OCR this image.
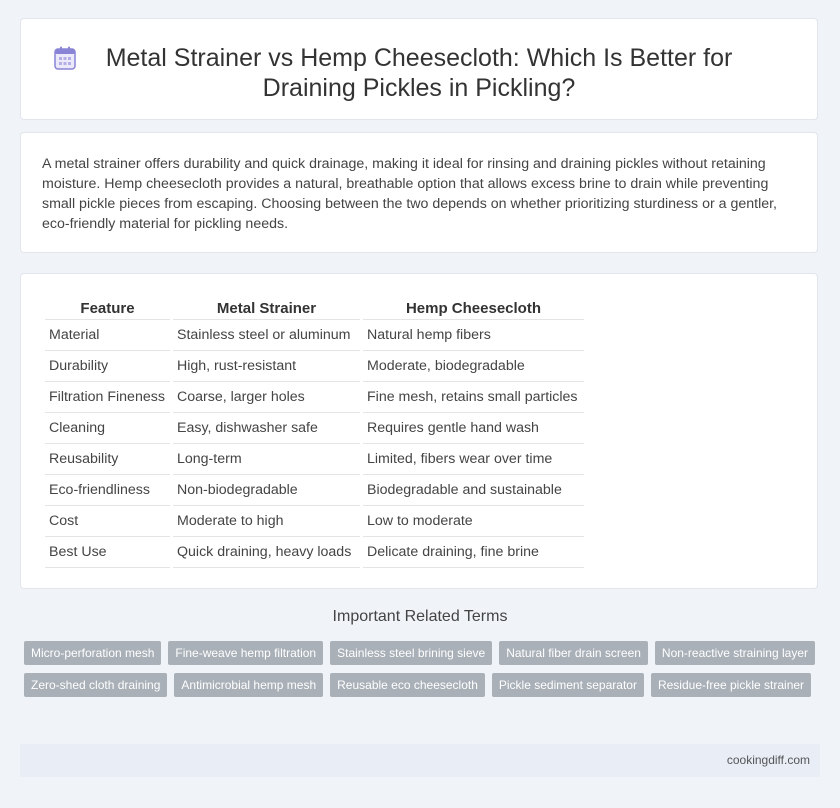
Metal Strainer vs Hemp Cheesecloth: Which Is Better for Draining Pickles in Pickling?

A metal strainer offers durability and quick drainage, making it ideal for rinsing and draining pickles without retaining moisture. Hemp cheesecloth provides a natural, breathable option that allows excess brine to drain while preventing small pickle pieces from escaping. Choosing between the two depends on whether prioritizing sturdiness or a gentler, eco-friendly material for pickling needs.

Feature	Metal Strainer	Hemp Cheesecloth
Material	Stainless steel or aluminum	Natural hemp fibers
Durability	High, rust-resistant	Moderate, biodegradable
Filtration Fineness	Coarse, larger holes	Fine mesh, retains small particles
Cleaning	Easy, dishwasher safe	Requires gentle hand wash
Reusability	Long-term	Limited, fibers wear over time
Eco-friendliness	Non-biodegradable	Biodegradable and sustainable
Cost	Moderate to high	Low to moderate
Best Use	Quick draining, heavy loads	Delicate draining, fine brine
Important Related Terms
Micro-perforation mesh	Fine-weave hemp filtration	Stainless steel brining sieve	Natural fiber drain screen	Non-reactive straining layer
Zero-shed cloth draining	Antimicrobial hemp mesh	Reusable eco cheesecloth	Pickle sediment separator	Residue-free pickle strainer
cookingdiff.com
